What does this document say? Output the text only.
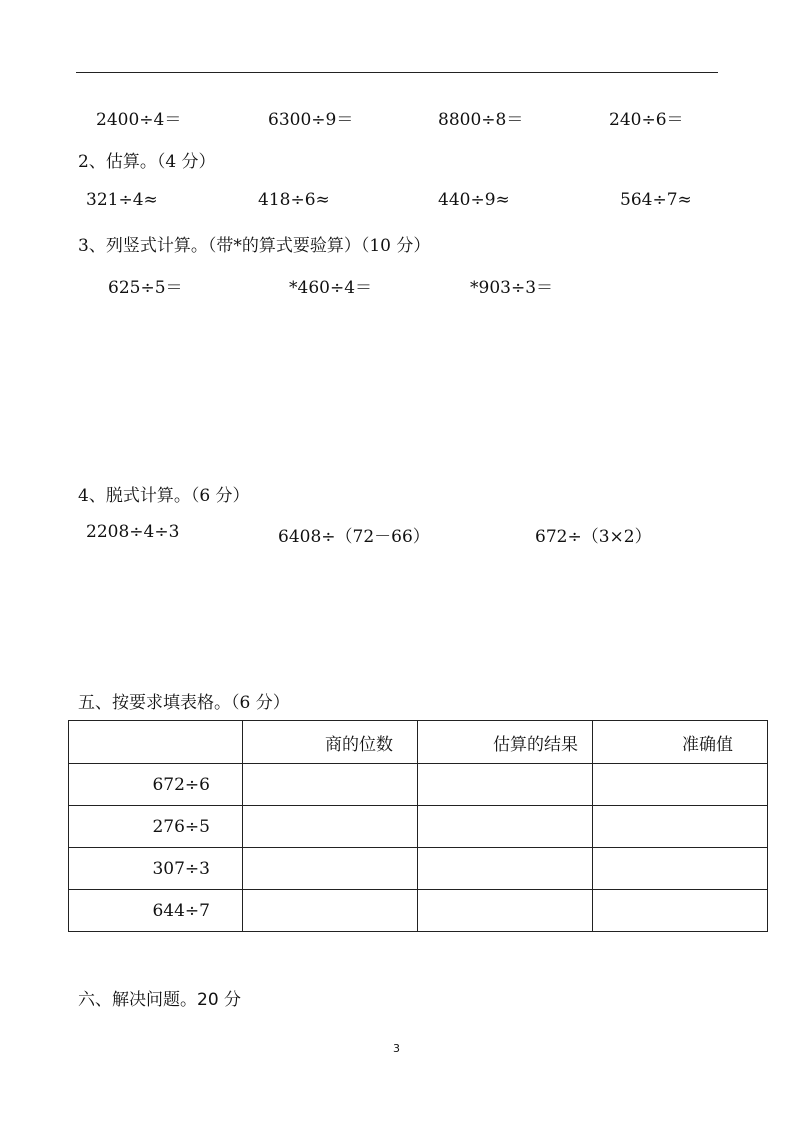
2400÷4＝	6300÷9＝	8800÷8＝	240÷6＝
2、估算。（4 分）
321÷4≈	418÷6≈	440÷9≈	564÷7≈
3、列竖式计算。（带*的算式要验算）（10 分）
625÷5＝	*460÷4＝	*903÷3＝
4、脱式计算。（6 分）
2208÷4÷3	6408÷（72－66）	672÷（3×2）
五、按要求填表格。（6 分）
	商的位数	估算的结果	准确值
672÷6			
276÷5			
307÷3			
644÷7			
六、解决问题。20 分
3
